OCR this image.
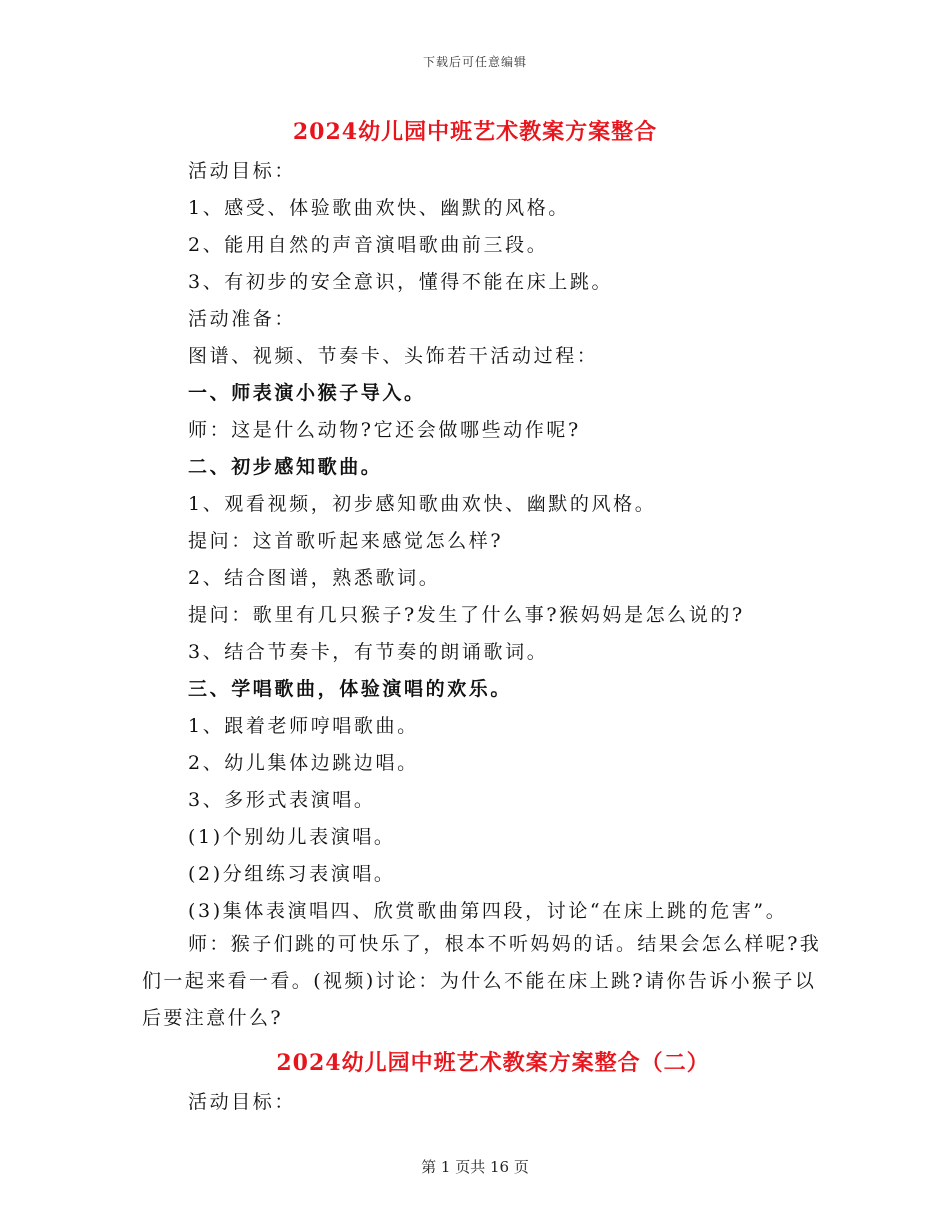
下载后可任意编辑
2024幼儿园中班艺术教案方案整合
活动目标：
1、感受、体验歌曲欢快、幽默的风格。
2、能用自然的声音演唱歌曲前三段。
3、有初步的安全意识，懂得不能在床上跳。
活动准备：
图谱、视频、节奏卡、头饰若干活动过程：
一、师表演小猴子导入。
师：这是什么动物?它还会做哪些动作呢?
二、初步感知歌曲。
1、观看视频，初步感知歌曲欢快、幽默的风格。
提问：这首歌听起来感觉怎么样?
2、结合图谱，熟悉歌词。
提问：歌里有几只猴子?发生了什么事?猴妈妈是怎么说的?
3、结合节奏卡，有节奏的朗诵歌词。
三、学唱歌曲，体验演唱的欢乐。
1、跟着老师哼唱歌曲。
2、幼儿集体边跳边唱。
3、多形式表演唱。
(1)个别幼儿表演唱。
(2)分组练习表演唱。
(3)集体表演唱四、欣赏歌曲第四段，讨论“在床上跳的危害”。
师：猴子们跳的可快乐了，根本不听妈妈的话。结果会怎么样呢?我们一起来看一看。(视频)讨论：为什么不能在床上跳?请你告诉小猴子以后要注意什么?
2024幼儿园中班艺术教案方案整合（二）
活动目标：
第 1 页共 16 页
